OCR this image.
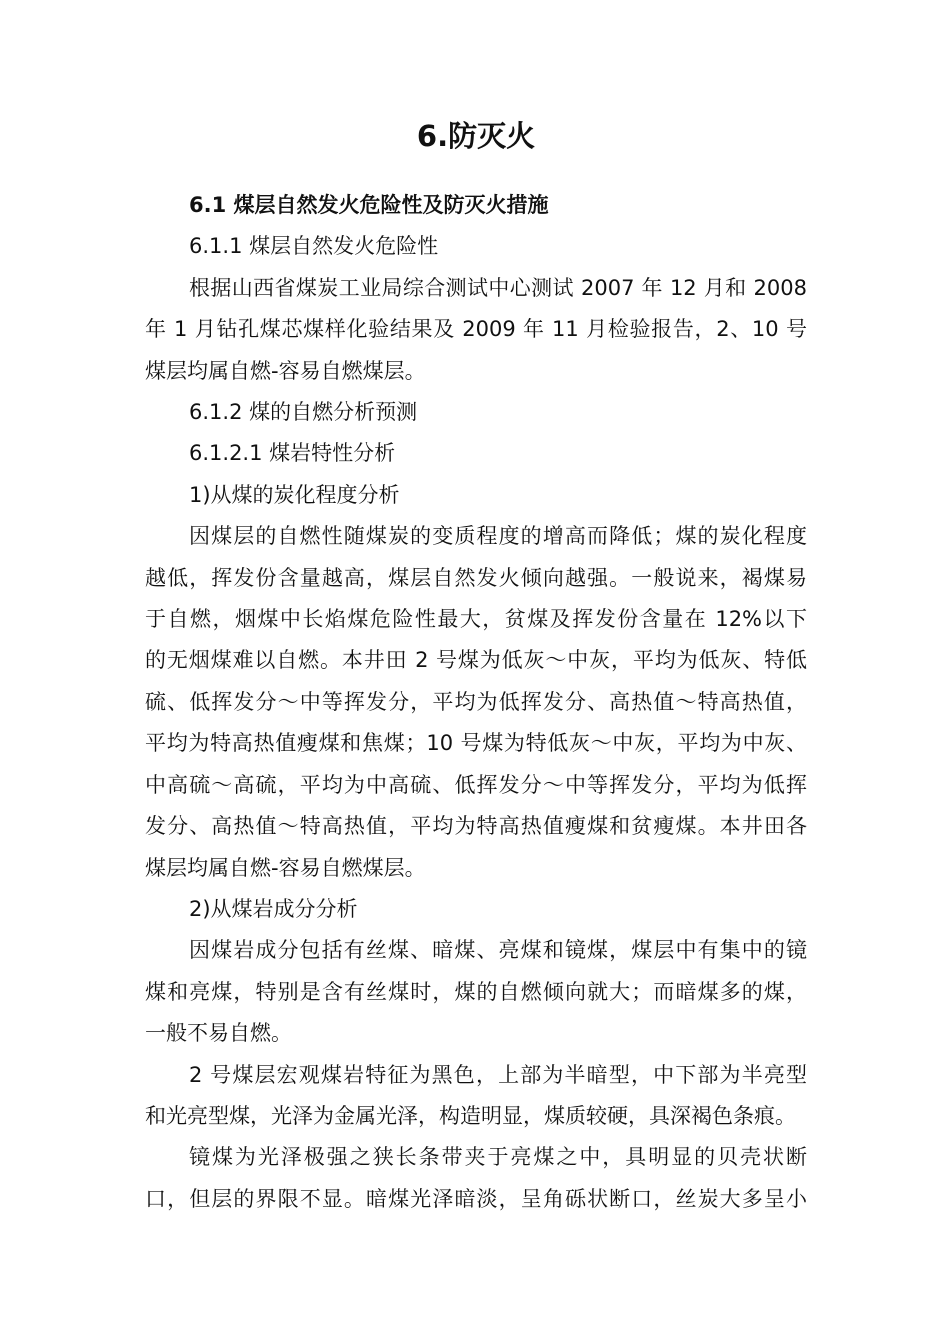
6.防灭火

6.1 煤层自然发火危险性及防灭火措施

6.1.1 煤层自然发火危险性

根据山西省煤炭工业局综合测试中心测试 2007 年 12 月和 2008
年 1 月钻孔煤芯煤样化验结果及 2009 年 11 月检验报告，2、10 号
煤层均属自燃-容易自燃煤层。

6.1.2 煤的自燃分析预测

6.1.2.1 煤岩特性分析

1)从煤的炭化程度分析

因煤层的自燃性随煤炭的变质程度的增高而降低；煤的炭化程度
越低，挥发份含量越高，煤层自然发火倾向越强。一般说来，褐煤易
于自燃，烟煤中长焰煤危险性最大，贫煤及挥发份含量在 12%以下
的无烟煤难以自燃。本井田 2 号煤为低灰～中灰，平均为低灰、特低
硫、低挥发分～中等挥发分，平均为低挥发分、高热值～特高热值，
平均为特高热值瘦煤和焦煤；10 号煤为特低灰～中灰，平均为中灰、
中高硫～高硫，平均为中高硫、低挥发分～中等挥发分，平均为低挥
发分、高热值～特高热值，平均为特高热值瘦煤和贫瘦煤。本井田各
煤层均属自燃-容易自燃煤层。

2)从煤岩成分分析

因煤岩成分包括有丝煤、暗煤、亮煤和镜煤，煤层中有集中的镜
煤和亮煤，特别是含有丝煤时，煤的自燃倾向就大；而暗煤多的煤，
一般不易自燃。

2 号煤层宏观煤岩特征为黑色，上部为半暗型，中下部为半亮型
和光亮型煤，光泽为金属光泽，构造明显，煤质较硬，具深褐色条痕。

镜煤为光泽极强之狭长条带夹于亮煤之中，具明显的贝壳状断
口，但层的界限不显。暗煤光泽暗淡，呈角砾状断口，丝炭大多呈小
